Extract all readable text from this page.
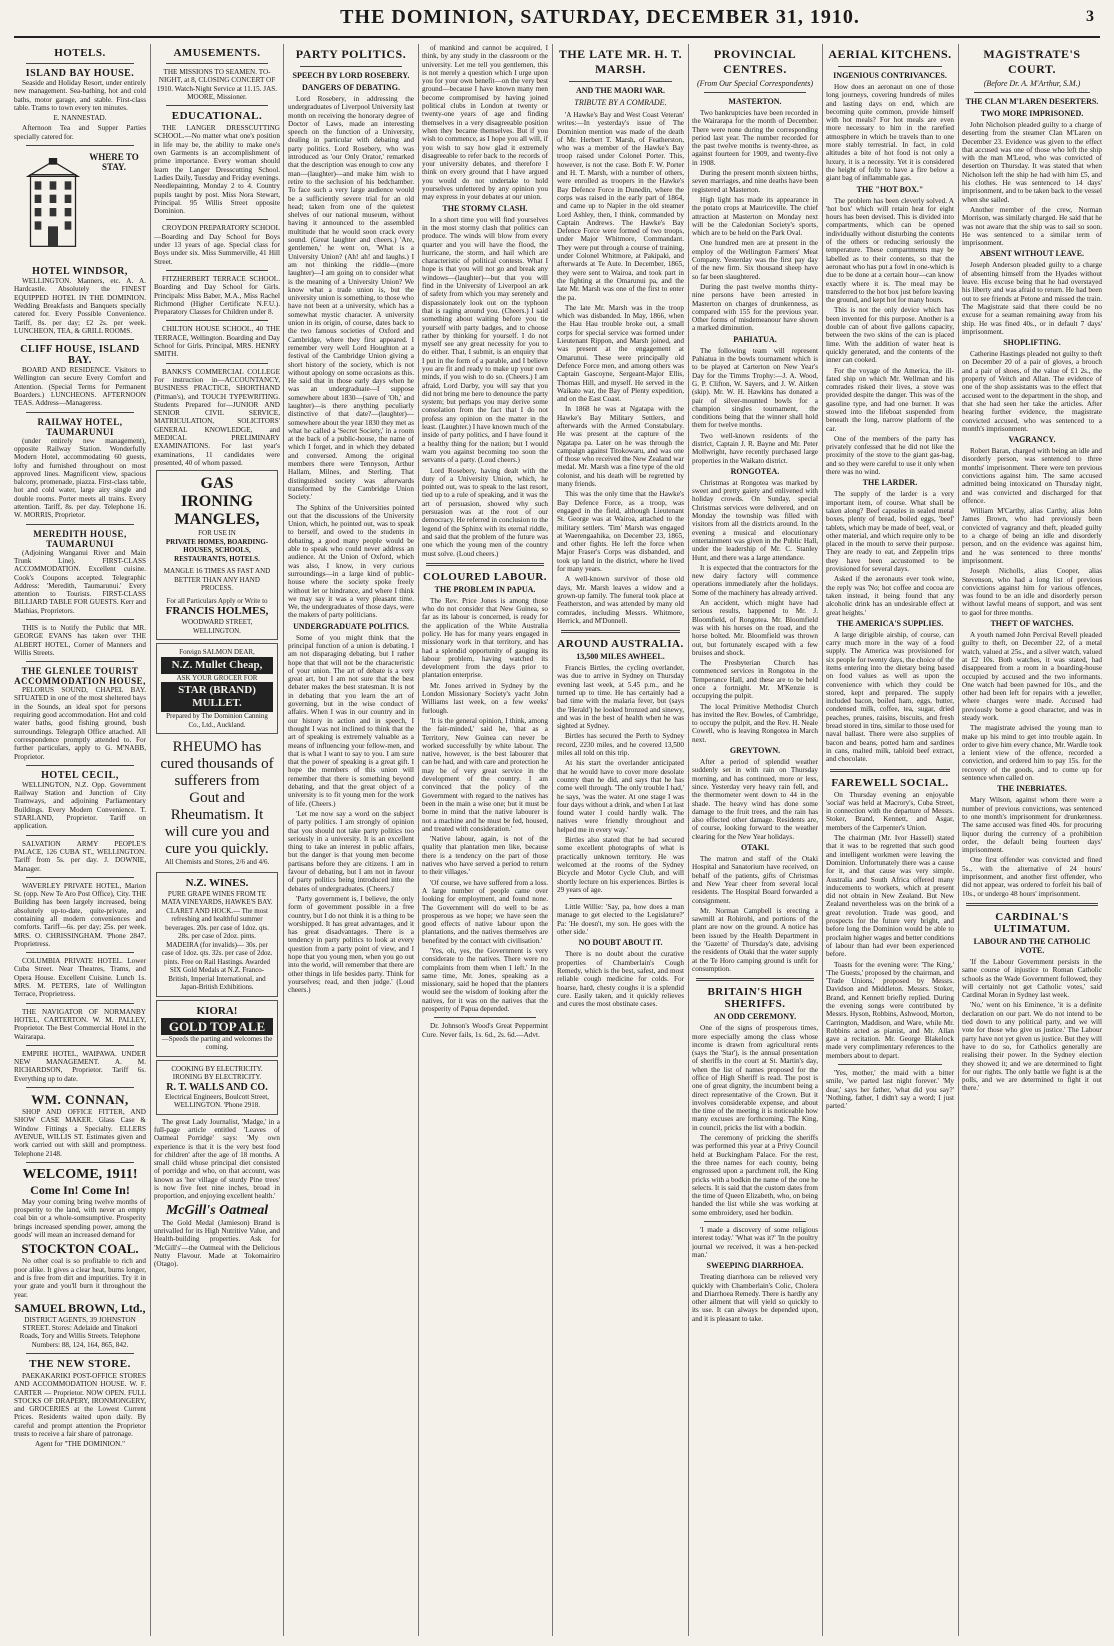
THE DOMINION, SATURDAY, DECEMBER 31, 1910.	3
HOTELS.
ISLAND BAY HOUSE.

Seaside and Holiday Resort, under entirely new management. Sea-bathing, hot and cold baths, motor garage, and stable. First-class table. Trams to town every ten minutes.

E. NANNESTAD.

Afternoon Tea and Supper Parties specially catered for.

WHERE TO STAY.
HOTEL WINDSOR,

WELLINGTON. Manners, etc. A. A. Hardcastle. Absolutely the FINEST EQUIPPED HOTEL IN THE DOMINION. Wedding Breakfasts and Banquets specially catered for. Every Possible Convenience. Tariff, 8s. per day; £2 2s. per week. LUNCHEON, TEA, & GRILL ROOMS.

CLIFF HOUSE, ISLAND BAY.

BOARD AND RESIDENCE. Visitors to Wellington can secure Every Comfort and Attention. (Special Terms for Permanent Boarders.) LUNCHEONS. AFTERNOON TEAS. Address—Manageress.

RAILWAY HOTEL, TAUMARUNUI

(under entirely new management), opposite Railway Station. Wonderfully Modern Hotel, accommodating 60 guests, lofty and furnished throughout on most approved lines. Magnificent view, spacious balcony, promenade, piazza. First-class table, hot and cold water, large airy single and double rooms. Porter meets all trains. Every attention. Tariff, 8s. per day. Telephone 16. W. MORRIS, Proprietor.

MEREDITH HOUSE, TAUMARUNUI

(Adjoining Wanganui River and Main Trunk Line). FIRST-CLASS ACCOMMODATION. Excellent cuisine. Cook's Coupons accepted. Telegraphic Address: 'Meredith, Taumarunui.' Every attention to Tourists. FIRST-CLASS BILLIARD TABLE FOR GUESTS. Kerr and Mathias, Proprietors.

THIS is to Notify the Public that MR. GEORGE EVANS has taken over THE ALBERT HOTEL, Corner of Manners and Willis Streets.

THE GLENLEE TOURIST ACCOMMODATION HOUSE,

PELORUS SOUND, CHAPEL BAY. SITUATED in one of the most sheltered bays in the Sounds, an ideal spot for persons requiring good accommodation. Hot and cold water baths, good fishing ground, bush surroundings. Telegraph Office attached. All correspondence promptly attended to. For further particulars, apply to G. M'NABB, Proprietor.

HOTEL CECIL,

WELLINGTON, N.Z. Opp. Government Railway Station and Junction of City Tramways, and adjoining Parliamentary Buildings. Every Modern Convenience. T. STARLAND, Proprietor. Tariff on application.

SALVATION ARMY PEOPLE'S PALACE, 126 CUBA ST., WELLINGTON. Tariff from 5s. per day. J. DOWNIE, Manager.

WAVERLEY PRIVATE HOTEL, Marion St. (opp. New Te Aro Post Office), City. THE Building has been largely increased, being absolutely up-to-date, quite-private, and containing all modern conveniences and comforts. Tariff—6s. per day; 25s. per week. MRS. O. CHRISSINGHAM. 'Phone 2847. Proprietress.

COLUMBIA PRIVATE HOTEL. Lower Cuba Street. Near Theatres, Trams, and Opera House. Excellent Cuisine. Lunch 1s. MRS. M. PETERS, late of Wellington Terrace, Proprietress.

THE NAVIGATOR OF NORMANBY HOTEL, CARTERTON. W. M. PALLEY, Proprietor. The Best Commercial Hotel in the Wairarapa.

EMPIRE HOTEL, WAIPAWA. UNDER NEW MANAGEMENT. A. M. RICHARDSON, Proprietor. Tariff 6s. Everything up to date.

WM. CONNAN,

SHOP AND OFFICE FITTER, AND SHOW CASE MAKER. Glass Case & Window Fittings a Specialty. ELLERS AVENUE, WILLIS ST. Estimates given and work carried out with skill and promptness. Telephone 2148.

WELCOME, 1911!
Come In! Come In!

May your coming bring twelve months of prosperity to the land, with never an empty coal bin or a whole-somsumptive. Prosperity brings increased spending power, among the goods' will mean an increased demand for

STOCKTON COAL.

No other coal is so profitable to rich and poor alike. It gives a clear heat, burns longer, and is free from dirt and impurities. Try it in your grate and you'll burn it throughout the year.

SAMUEL BROWN, Ltd.,

DISTRICT AGENTS, 39 JOHNSTON STREET. Stores: Adelaide and Tinakori Roads, Tory and Willis Streets. Telephone Numbers: 88, 124, 164, 865, 842.

THE NEW STORE.

PAEKAKARIKI POST-OFFICE STORES AND ACCOMMODATION HOUSE. W. F. CARTER — Proprietor. NOW OPEN. FULL STOCKS OF DRAPERY, IRONMONGERY, and GROCERIES at the Lowest Current Prices. Residents waited upon daily. By careful and prompt attention the Proprietor trusts to receive a fair share of patronage.

Agent for "THE DOMINION."

AMUSEMENTS.

THE MISSIONS TO SEAMEN. TO-NIGHT, at 8, CLOSING CONCERT OF 1910. Watch-Night Service at 11.15. JAS. MOORE, Missioner.

EDUCATIONAL.

THE LANGER DRESSCUTTING SCHOOL.—No matter what one's position in life may be, the ability to make one's own Garments is an accomplishment of prime importance. Every woman should learn the Langer Dresscutting School. Ladies Daily, Tuesday and Friday evenings. Needlepainting, Monday 2 to 4. Country pupils taught by post. Miss Nora Stewart, Principal. 95 Willis Street opposite Dominion.

CROYDON PREPARATORY SCHOOL—Boarding and Day School for Boys under 13 years of age. Special class for Boys under six. Miss Summerville, 41 Hill Street.

FITZHERBERT TERRACE SCHOOL. Boarding and Day School for Girls. Principals: Miss Baber, M.A., Miss Rachel Richmond (Higher Certificate N.F.U.). Preparatory Classes for Children under 8.

CHILTON HOUSE SCHOOL, 40 THE TERRACE, Wellington. Boarding and Day School for Girls. Principal, MRS. HENRY SMITH.

BANKS'S COMMERCIAL COLLEGE For instruction in—ACCOUNTANCY, BUSINESS PRACTICE, SHORTHAND (Pitman's), and TOUCH TYPEWRITING. Students Prepared for—JUNIOR AND SENIOR CIVIL SERVICE, MATRICULATION, SOLICITORS' GENERAL KNOWLEDGE, and MEDICAL PRELIMINARY EXAMINATIONS. For last year's examinations, 11 candidates were presented, 40 of whom passed.

GAS
IRONING
MANGLES,
FOR USE IN
PRIVATE HOMES, BOARDING-HOUSES, SCHOOLS, RESTAURANTS, HOTELS.
MANGLE 16 TIMES AS FAST AND BETTER THAN ANY HAND PROCESS.
For all Particulars Apply or Write to
FRANCIS HOLMES,
WOODWARD STREET, WELLINGTON.
Foreign SALMON DEAR,
N.Z. Mullet Cheap,
ASK YOUR GROCER FOR
STAR (BRAND) MULLET.
Prepared by The Dominion Canning Co., Ltd., Auckland.
RHEUMO has cured thousands of sufferers from Gout and Rheumatism. It will cure you and cure you quickly.
All Chemists and Stores, 2/6 and 4/6.
N.Z. WINES.
PURE GRAPE WINES FROM TE MATA VINEYARDS, HAWKE'S BAY. CLARET AND HOCK.— The most refreshing and healthful summer beverages. 20s. per case of 1doz. qts. 28s. per case of 2doz. pints. MADEIRA (for invalids)— 30s. per case of 1doz. qts. 32s. per case of 2doz. pints. Free on Rail Hastings. Awarded SIX Gold Medals at N.Z. Franco-British, Imperial International, and Japan-British Exhibitions.
KIORA!
GOLD TOP ALE
—Speeds the parting and welcomes the coming.
COOKING BY ELECTRICITY. IRONING BY ELECTRICITY.
R. T. WALLS AND CO.
Electrical Engineers, Boulcott Street, WELLINGTON. 'Phone 2918.

The great Lady Journalist, 'Madge,' in a full-page article entitled 'Leaves of Oatmeal Porridge' says: 'My own experience is that it is the very best food for children' after the age of 18 months. A small child whose principal diet consisted of porridge and who, on that account, was known as 'her village of sturdy Pine trees' is now five feet nine inches, broad in proportion, and enjoying excellent health.'

McGill's Oatmeal

The Gold Medal (Jamieson) Brand is unrivalled for its High Nutritive Value, and Health-building properties. Ask for 'McGill's'—the Oatmeal with the Delicious Nutty Flavour. Made at Tokomairiro (Otago).

PARTY POLITICS.
SPEECH BY LORD ROSEBERY.
DANGERS OF DEBATING.

Lord Rosebery, in addressing the undergraduates of Liverpool University last month on receiving the honorary degree of Doctor of Laws, made an interesting speech on the function of a University, dealing in particular with debating and party politics. Lord Rosebery, who was introduced as 'our Only Orator,' remarked that the description was enough to cow any man—(laughter)—and make him wish to retire to the seclusion of his bedchamber. To face such a very large audience would be a sufficiently severe trial for an old head; taken from one of the quietest shelves of our national museum, without having it announced to the assembled multitude that he would soon crack every sound. (Great laughter and cheers.) 'Are, gentlemen,' he went on, 'What is a University Union? (Ah! ah! and laughs.) I am not thinking the riddle—(more laughter)—I am going on to consider what is the meaning of a University Union? We know what a trade union is, but the university union is something, to those who have not been at a university, which has a somewhat mystic character. A university union in its origin, of course, dates back to the two famous societies of Oxford and Cambridge, where they first appeared. I remember very well Lord Houghton at a festival of the Cambridge Union giving a short history of the society, which is not without apology on some occasions as this. He said that in those early days when he was an undergraduate—I suppose somewhere about 1830—(save of 'Oh,' and laughter)—is there anything peculiarly distinctive of that date?—(laughter)—somewhere about the year 1830 they met as what he called a 'Secret Society,' in a room at the back of a public-house, the name of which I forget, and in which they debated and conversed. Among the original members there were Tennyson, Arthur Hallam, Milnes, and Sterling. That distinguished society was afterwards transformed by the Cambridge Union Society.'

The Sphinx of the Universities pointed out that the discussions of the University Union, which, he pointed out, was to speak to herself, and owed to the students in debating, a good many people would be able to speak who could never address an audience. At the Union of Oxford, which was also, I know, in very curious surroundings—in a large kind of public-house where the society spoke freely without let or hindrance, and where I think we may say it was a very pleasant time. We, the undergraduates of those days, were the makers of party politicians.

UNDERGRADUATE POLITICS.

Some of you might think that the principal function of a union is debating. I am not disparaging debating, but I rather hope that that will not be the characteristic of your union. The art of debate is a very great art, but I am not sure that the best debater makes the best statesman. It is not in debating that you learn the art of governing, but in the wise conduct of affairs. When I was in our country and in our history in action and in speech, I thought I was not inclined to think that the art of speaking is extremely valuable as a means of influencing your fellow-men, and that is what I want to say to you. I am sure that the power of speaking is a great gift. I hope the members of this union will remember that there is something beyond debating, and that the great object of a university is to fit young men for the work of life. (Cheers.)

'Let me now say a word on the subject of party politics. I am strongly of opinion that you should not take party politics too seriously in a university. It is an excellent thing to take an interest in public affairs, but the danger is that young men become partisans before they are citizens. I am in favour of debating, but I am not in favour of party politics being introduced into the debates of undergraduates. (Cheers.)'

'Party government is, I believe, the only form of government possible in a free country, but I do not think it is a thing to be worshipped. It has great advantages, and it has great disadvantages. There is a tendency in party politics to look at every question from a party point of view, and I hope that you young men, when you go out into the world, will remember that there are other things in life besides party. Think for yourselves; read, and then judge.' (Loud cheers.)

of mankind and cannot be acquired, I think, by any study in the classroom or the university. Let me tell you gentlemen, this is not merely a question which I urge upon you for your own benefit—on the very best ground—because I have known many men become compromised by having joined political clubs in London at twenty or twenty-one years of age and finding themselves in a very disagreeable position when they became themselves. But if you wish to commence, as I hope you all will, if you wish to say how glad it extremely disagreeable to refer back to the records of your university debates, and therefore I think on every ground that I have argued you would do not undertake to hold yourselves unfettered by any opinion you may express in your debates at our union.

THE STORMY CLASH.

In a short time you will find yourselves in the most stormy clash that politics can produce. The winds will blow from every quarter and you will have the flood, the hurricane, the storm, and hail which are characteristic of political contests. What I hope is that you will not go and break any windows—(laughter)—but that you will find in the University of Liverpool an ark of safety from which you may serenely and dispassionately look out on the typhoon that is raging around you. (Cheers.) I said something about waiting before you tie yourself with party badges, and to choose rather by thinking for yourself. I do not myself see any great necessity for you to do either. That, I submit, is an enquiry that I put in the form of a parable, and I believe you are fit and ready to make up your own minds, if you wish to do so. (Cheers.) I am afraid, Lord Darby, you will say that you did not bring me here to denounce the party system; but perhaps you may derive some consolation from the fact that I do not profess any opinion on the matter in the least. (Laughter.) I have known much of the inside of party politics, and I have found it a healthy thing for the nation; but I would warn you against becoming too soon the servants of a party. (Loud cheers.)

Lord Rosebery, having dealt with the duty of a University Union, which, he pointed out, was to speak to the last resort, tied up to a rule of speaking, and it was the art of persuasion, showed why such persuasion was at the root of our democracy. He referred in conclusion to the legend of the Sphinx with its eternal riddle, and said that the problem of the future was one which the young men of the country must solve. (Loud cheers.)

COLOURED LABOUR.
THE PROBLEM IN PAPUA.

The Rev. Price Jones is among those who do not consider that New Guinea, so far as its labour is concerned, is ready for the application of the White Australia policy. He has for many years engaged in missionary work in that territory, and has had a splendid opportunity of gauging its labour problem, having watched its development from the days prior to plantation enterprise.

Mr. Jones arrived in Sydney by the London Missionary Society's yacht John Williams last week, on a few weeks' furlough.

'It is the general opinion, I think, among the fair-minded,' said he, 'that as a Territory, New Guinea can never be worked successfully by white labour. The native, however, is the best labourer that can be had, and with care and protection he may be of very great service in the development of the country. I am convinced that the policy of the Government with regard to the natives has been in the main a wise one; but it must be borne in mind that the native labourer is not a machine and he must be fed, housed, and treated with consideration.'

'Native labour, again, is not of the quality that plantation men like, because there is a tendency on the part of those natives who have served a period to return to their villages.'

'Of course, we have suffered from a loss. A large number of people came over looking for employment, and found none. The Government will do well to be as prosperous as we hope; we have seen the good effects of native labour upon the plantations, and the natives themselves are benefited by the contact with civilisation.'

'Yes, oh, yes, the Government is very considerate to the natives. There were no complaints from them when I left.' In the same time, Mr. Jones, speaking as a missionary, said he hoped that the planters would see the wisdom of looking after the natives, for it was on the natives that the prosperity of Papua depended.

Dr. Johnson's Wood's Great Peppermint Cure. Never fails, 1s. 6d., 2s. 6d.—Advt.

THE LATE MR. H. T. MARSH.
AND THE MAORI WAR.
TRIBUTE BY A COMRADE.

'A Hawke's Bay and West Coast Veteran' writes:—In yesterday's issue of The Dominion mention was made of the death of Mr. Herbert T. Marsh, of Featherston, who was a member of the Hawke's Bay troop raised under Colonel Porter. This, however, is not the case. Both F. W. Porter and H. T. Marsh, with a number of others, were enrolled as troopers in the Hawke's Bay Defence Force in Dunedin, where the corps was raised in the early part of 1864, and came up to Napier in the old steamer Lord Ashley, then, I think, commanded by Captain Andrews. The Hawke's Bay Defence Force were formed of two troops, under Major Whitmore, Commandant. They were put through a course of training, under Colonel Whitmore, at Pakipaki, and afterwards at Te Aute. In December, 1865, they were sent to Wairoa, and took part in the fighting at the Omarunui pa, and the late Mr. Marsh was one of the first to enter the pa.

The late Mr. Marsh was in the troop which was disbanded. In May, 1866, when the Hau Hau trouble broke out, a small corps for special service was formed under Lieutenant Rippon, and Marsh joined, and was present at the engagement at Omarunui. These were principally old Defence Force men, and among others was Captain Gascoyne, Sergeant-Major Ellis, Thomas Hill, and myself. He served in the Waikato war, the Bay of Plenty expedition, and on the East Coast.

In 1868 he was at Ngatapa with the Hawke's Bay Military Settlers, and afterwards with the Armed Constabulary. He was present at the capture of the Ngatapa pa. Later on he was through the campaign against Titokowaru, and was one of those who received the New Zealand war medal. Mr. Marsh was a fine type of the old colonist, and his death will be regretted by many friends.

This was the only time that the Hawke's Bay Defence Force, as a troop, was engaged in the field, although Lieutenant St. George was at Wairoa, attached to the military settlers. 'Tim' Marsh was engaged at Waerengaahika, on December 23, 1865, and other fights. He left the force when Major Fraser's Corps was disbanded, and took up land in the district, where he lived for many years.

A well-known survivor of those old days, Mr. Marsh leaves a widow and a grown-up family. The funeral took place at Featherston, and was attended by many old comrades, including Messrs. Whitmore, Herrick, and M'Donnell.

AROUND AUSTRALIA.
13,500 MILES AWHEEL.

Francis Birtles, the cycling overlander, was due to arrive in Sydney on Thursday evening last week, at 5.45 p.m., and he turned up to time. He has certainly had a bad time with the malaria fever, but (says the 'Herald') he looked bronzed and sinewy, and was in the best of health when he was sighted at Sydney.

Birtles has secured the Perth to Sydney record, 2230 miles, and he covered 13,500 miles all told on this trip.

At his start the overlander anticipated that he would have to cover more desolate country than he did, and says that he has come well through. 'The only trouble I had,' he says, 'was the water. At one stage I was four days without a drink, and when I at last found water I could hardly walk. The natives were friendly throughout and helped me in every way.'

Birtles also stated that he had secured some excellent photographs of what is practically unknown territory. He was welcomed at the rooms of the Sydney Bicycle and Motor Cycle Club, and will shortly lecture on his experiences. Birtles is 29 years of age.

Little Willie: 'Say, pa, how does a man manage to get elected to the Legislature?' Pa: 'He doesn't, my son. He goes with the other side.'

NO DOUBT ABOUT IT.

There is no doubt about the curative properties of Chamberlain's Cough Remedy, which is the best, safest, and most reliable cough medicine for colds. For hoarse, hard, chesty coughs it is a splendid cure. Easily taken, and it quickly relieves and cures the most obstinate cases.

PROVINCIAL CENTRES.
(From Our Special Correspondents)
MASTERTON.

Two bankruptcies have been recorded in the Wairarapa for the month of December. There were none during the corresponding period last year. The number recorded for the past twelve months is twenty-three, as against fourteen for 1909, and twenty-five in 1908.

During the present month sixteen births, seven marriages, and nine deaths have been registered at Masterton.

High light has made its appearance in the potato crops at Mauriceville. The chief attraction at Masterton on Monday next will be the Caledonian Society's sports, which are to be held on the Park Oval.

One hundred men are at present in the employ of the Wellington Farmers' Meat Company. Yesterday was the first pay day of the new firm. Six thousand sheep have so far been slaughtered.

During the past twelve months thirty-nine persons have been arrested in Masterton on charges of drunkenness, as compared with 155 for the previous year. Other forms of misdemeanour have shown a marked diminution.

PAHIATUA.

The following team will represent Pahiatua in the bowls tournament which is to be played at Carterton on New Year's Day for the Timms Trophy:—J. A. Wood, G. P. Clifton, W. Sayers, and J. W. Aitken (skip). Mr. W. H. Hawkins has donated a pair of silver-mounted bowls for a champion singles tournament, the conditions being that the winner shall hold them for twelve months.

Two well-known residents of the district, Captain J. R. Bayne and Mr. Peter Mollwright, have recently purchased large properties in the Waikato district.

RONGOTEA.

Christmas at Rongotea was marked by sweet and pretty gaiety and enlivened with holiday crowds. On Sunday, special Christmas services were delivered, and on Monday the township was filled with visitors from all the districts around. In the evening a musical and elocutionary entertainment was given in the Public Hall, under the leadership of Mr. C. Stanley Hunt, and there was a large attendance.

It is expected that the contractors for the new dairy factory will commence operations immediately after the holidays. Some of the machinery has already arrived.

An accident, which might have had serious results, happened to Mr. J. Bloomfield, of Rongotea. Mr. Bloomfield was with his horses on the road, and the horse bolted. Mr. Bloomfield was thrown out, but fortunately escaped with a few bruises and shock.

The Presbyterian Church has commenced services in Rongotea in the Temperance Hall, and these are to be held once a fortnight. Mr. M'Kenzie is occupying the pulpit.

The local Primitive Methodist Church has invited the Rev. Bowles, of Cambridge, to occupy the pulpit, and the Rev. H. Neale Cowell, who is leaving Rongotea in March next.

GREYTOWN.

After a period of splendid weather suddenly set in with rain on Thursday morning, and has continued, more or less, since. Yesterday very heavy rain fell, and the thermometer went down to 44 in the shade. The heavy wind has done some damage to the fruit trees, and the rain has also effected other damage. Residents are, of course, looking forward to the weather clearing for the New Year holidays.

OTAKI.

The matron and staff of the Otaki Hospital and Sanatorium have received, on behalf of the patients, gifts of Christmas and New Year cheer from several local residents. The Hospital Board forwarded a consignment.

Mr. Norman Campbell is erecting a sawmill at Rohirohi, and portions of the plant are now on the ground. A notice has been issued by the Health Department in the 'Gazette' of Thursday's date, advising the residents of Otaki that the water supply at the Te Horo camping ground is unfit for consumption.

BRITAIN'S HIGH SHERIFFS.
AN ODD CEREMONY.

One of the signs of prosperous times, more especially among the class whose income is drawn from agricultural rents (says the 'Star'), is the annual presentation of sheriffs in the court at St. Martin's day, when the list of names proposed for the office of High Sheriff is read. The post is one of great dignity, the incumbent being a direct representative of the Crown. But it involves considerable expense, and about the time of the meeting it is noticeable how many excuses are forthcoming. The King, in council, pricks the list with a bodkin.

The ceremony of pricking the sheriffs was performed this year at a Privy Council held at Buckingham Palace. For the rest, the three names for each county, being engrossed upon a parchment roll, the King pricks with a bodkin the name of the one he selects. It is said that the custom dates from the time of Queen Elizabeth, who, on being handed the list while she was working at some embroidery, used her bodkin.

'I made a discovery of some religious interest today.' 'What was it?' 'In the poultry journal we received, it was a hen-pecked man.'

SWEEPING DIARRHOEA.

Treating diarrhoea can be relieved very quickly with Chamberlain's Colic, Cholera and Diarrhoea Remedy. There is hardly any other ailment that will yield so quickly to its use. It can always be depended upon, and it is pleasant to take.

AERIAL KITCHENS.
INGENIOUS CONTRIVANCES.

How does an aeronaut on one of those long journeys, covering hundreds of miles and lasting days on end, which are becoming quite common, provide himself with hot meals? For hot meals are even more necessary to him in the rarefied atmosphere in which he travels than to one more stably terrestrial. In fact, in cold altitudes a bite of hot food is not only a luxury, it is a necessity. Yet it is considered the height of folly to have a fire below a giant bag of inflammable gas.

THE "HOT BOX."

The problem has been cleverly solved. A 'hot box' which will retain heat for eight hours has been devised. This is divided into compartments, which can be opened individually without disturbing the contents of the others or reducing seriously the temperature. These compartments may be labelled as to their contents, so that the aeronaut who has put a fowl in one-which is due to be done at a certain hour—can know exactly where it is. The meal may be transferred to the hot box just before leaving the ground, and kept hot for many hours.

This is not the only device which has been invented for this purpose. Another is a double can of about five gallons capacity, between the two skins of the can is placed lime. With the addition of water heat is quickly generated, and the contents of the inner can cooked.

For the voyage of the America, the ill-fated ship on which Mr. Wellman and his comrades risked their lives, a stove was provided despite the danger. This was of the gasoline type, and had one burner. It was stowed into the lifeboat suspended from beneath the long, narrow platform of the car.

One of the members of the party has privately confessed that he did not like the proximity of the stove to the giant gas-bag, and so they were careful to use it only when there was no wind.

THE LARDER.

The supply of the larder is a very important item, of course. What shall be taken along? Beef capsules in sealed metal boxes, plenty of bread, boiled eggs, 'beef' tablets, which may be made of beef, veal, or other material, and which require only to be placed in the mouth to serve their purpose. They are ready to eat, and Zeppelin trips they have been accustomed to be provisioned for several days.

Asked if the aeronauts ever took wine, the reply was 'No; hot coffee and cocoa are taken instead, it being found that any alcoholic drink has an undesirable effect at great heights.'

THE AMERICA'S SUPPLIES.

A large dirigible airship, of course, can carry much more in the way of a food supply. The America was provisioned for six people for twenty days, the choice of the items entering into the dietary being based on food values as well as upon the convenience with which they could be stored, kept and prepared. The supply included bacon, boiled ham, eggs, butter, condensed milk, coffee, tea, sugar, dried peaches, prunes, raisins, biscuits, and fresh bread stored in tins, similar to those used for naval ballast. There were also supplies of bacon and beans, potted ham and sardines in cans, malted milk, tabloid beef extract, and chocolate.

FAREWELL SOCIAL.

On Thursday evening an enjoyable 'social' was held at Macrory's, Cuba Street, in connection with the departure of Messrs. Stoker, Brand, Kennett, and Asgar, members of the Carpenter's Union.

The chairman (Mr. Ivor Hassell) stated that it was to be regretted that such good and intelligent workmen were leaving the Dominion. Unfortunately there was a cause for it, and that cause was very simple. Australia and South Africa offered many inducements to workers, which at present did not obtain in New Zealand. But New Zealand nevertheless was on the brink of a great revolution. Trade was good, and prospects for the future very bright, and before long the Dominion would be able to proclaim higher wages and better conditions of labour than had ever been experienced before.

Toasts for the evening were: 'The King,' 'The Guests,' proposed by the chairman, and 'Trade Unions,' proposed by Messrs. Davidson and Middleton. Messrs. Stoker, Brand, and Kennett briefly replied. During the evening songs were contributed by Messrs. Hyson, Robbins, Ashwood, Morton, Carrington, Maddison, and Ware, while Mr. Robbins acted as pianist, and Mr. Allan gave a recitation. Mr. George Blakelock made very complimentary references to the members about to depart.

'Yes, mother,' the maid with a bitter smile, 'we parted last night forever.' 'My dear,' says her father, 'what did you say?' 'Nothing, father, I didn't say a word; I just parted.'

MAGISTRATE'S COURT.
(Before Dr. A. M'Arthur, S.M.)
THE CLAN M'LAREN DESERTERS.
TWO MORE IMPRISONED.

John Nicholson pleaded guilty to a charge of deserting from the steamer Clan M'Laren on December 23. Evidence was given to the effect that accused was one of those who left the ship with the man M'Leod, who was convicted of desertion on Thursday. It was stated that when Nicholson left the ship he had with him £5, and his clothes. He was sentenced to 14 days' imprisonment, and to be taken back to the vessel when she sailed.

Another member of the crew, Norman Morrison, was similarly charged. He said that he was not aware that the ship was to sail so soon. He was sentenced to a similar term of imprisonment.

ABSENT WITHOUT LEAVE.

Joseph Anderson pleaded guilty to a charge of absenting himself from the Hyades without leave. His excuse being that he had overstayed his liberty and was afraid to return. He had been out to see friends at Petone and missed the train. The Magistrate said that there could be no excuse for a seaman remaining away from his ship. He was fined 40s., or in default 7 days' imprisonment.

SHOPLIFTING.

Catherine Hastings pleaded not guilty to theft on December 20 of a pair of gloves, a brooch and a pair of shoes, of the value of £1 2s., the property of Veitch and Allan. The evidence of one of the shop assistants was to the effect that accused went to the department in the shop, and that she had seen her take the articles. After hearing further evidence, the magistrate convicted accused, who was sentenced to a month's imprisonment.

VAGRANCY.

Robert Baran, charged with being an idle and disorderly person, was sentenced to three months' imprisonment. There were ten previous convictions against him. The same accused admitted being intoxicated on Thursday night, and was convicted and discharged for that offence.

William M'Carthy, alias Carthy, alias John James Brown, who had previously been convicted of vagrancy and theft, pleaded guilty to a charge of being an idle and disorderly person, and on the evidence was against him, and he was sentenced to three months' imprisonment.

Joseph Nicholls, alias Cooper, alias Stevenson, who had a long list of previous convictions against him for various offences, was found to be an idle and disorderly person without lawful means of support, and was sent to gaol for three months.

THEFT OF WATCHES.

A youth named John Percival Revell pleaded guilty to theft, on December 22, of a metal watch, valued at 25s., and a silver watch, valued at £2 10s. Both watches, it was stated, had disappeared from a room in a boarding-house occupied by accused and the two informants. One watch had been pawned for 10s., and the other had been left for repairs with a jeweller, where charges were made. Accused had previously borne a good character, and was in steady work.

The magistrate advised the young man to make up his mind to get into trouble again. In order to give him every chance, Mr. Wardle took a lenient view of the offence, recorded a conviction, and ordered him to pay 15s. for the recovery of the goods, and to come up for sentence when called on.

THE INEBRIATES.

Mary Wilson, against whom there were a number of previous convictions, was sentenced to one month's imprisonment for drunkenness. The same accused was fined 40s. for procuring liquor during the currency of a prohibition order, the default being fourteen days' imprisonment.

One first offender was convicted and fined 5s., with the alternative of 24 hours' imprisonment, and another first offender, who did not appear, was ordered to forfeit his bail of 10s., or undergo 48 hours' imprisonment.

CARDINAL'S ULTIMATUM.
LABOUR AND THE CATHOLIC VOTE.

'If the Labour Government persists in the same course of injustice to Roman Catholic schools as the Wade Government followed, they will certainly not get Catholic votes,' said Cardinal Moran in Sydney last week.

'No,' went on his Eminence, 'it is a definite declaration on our part. We do not intend to be tied down to any political party, and we will vote for those who give us justice.' The Labour party have not yet given us justice. But they will have to do so, for Catholics generally are realising their power. In the Sydney election they showed it; and we are determined to fight for our rights. The only battle we fight is at the polls, and we are determined to fight it out there.'
